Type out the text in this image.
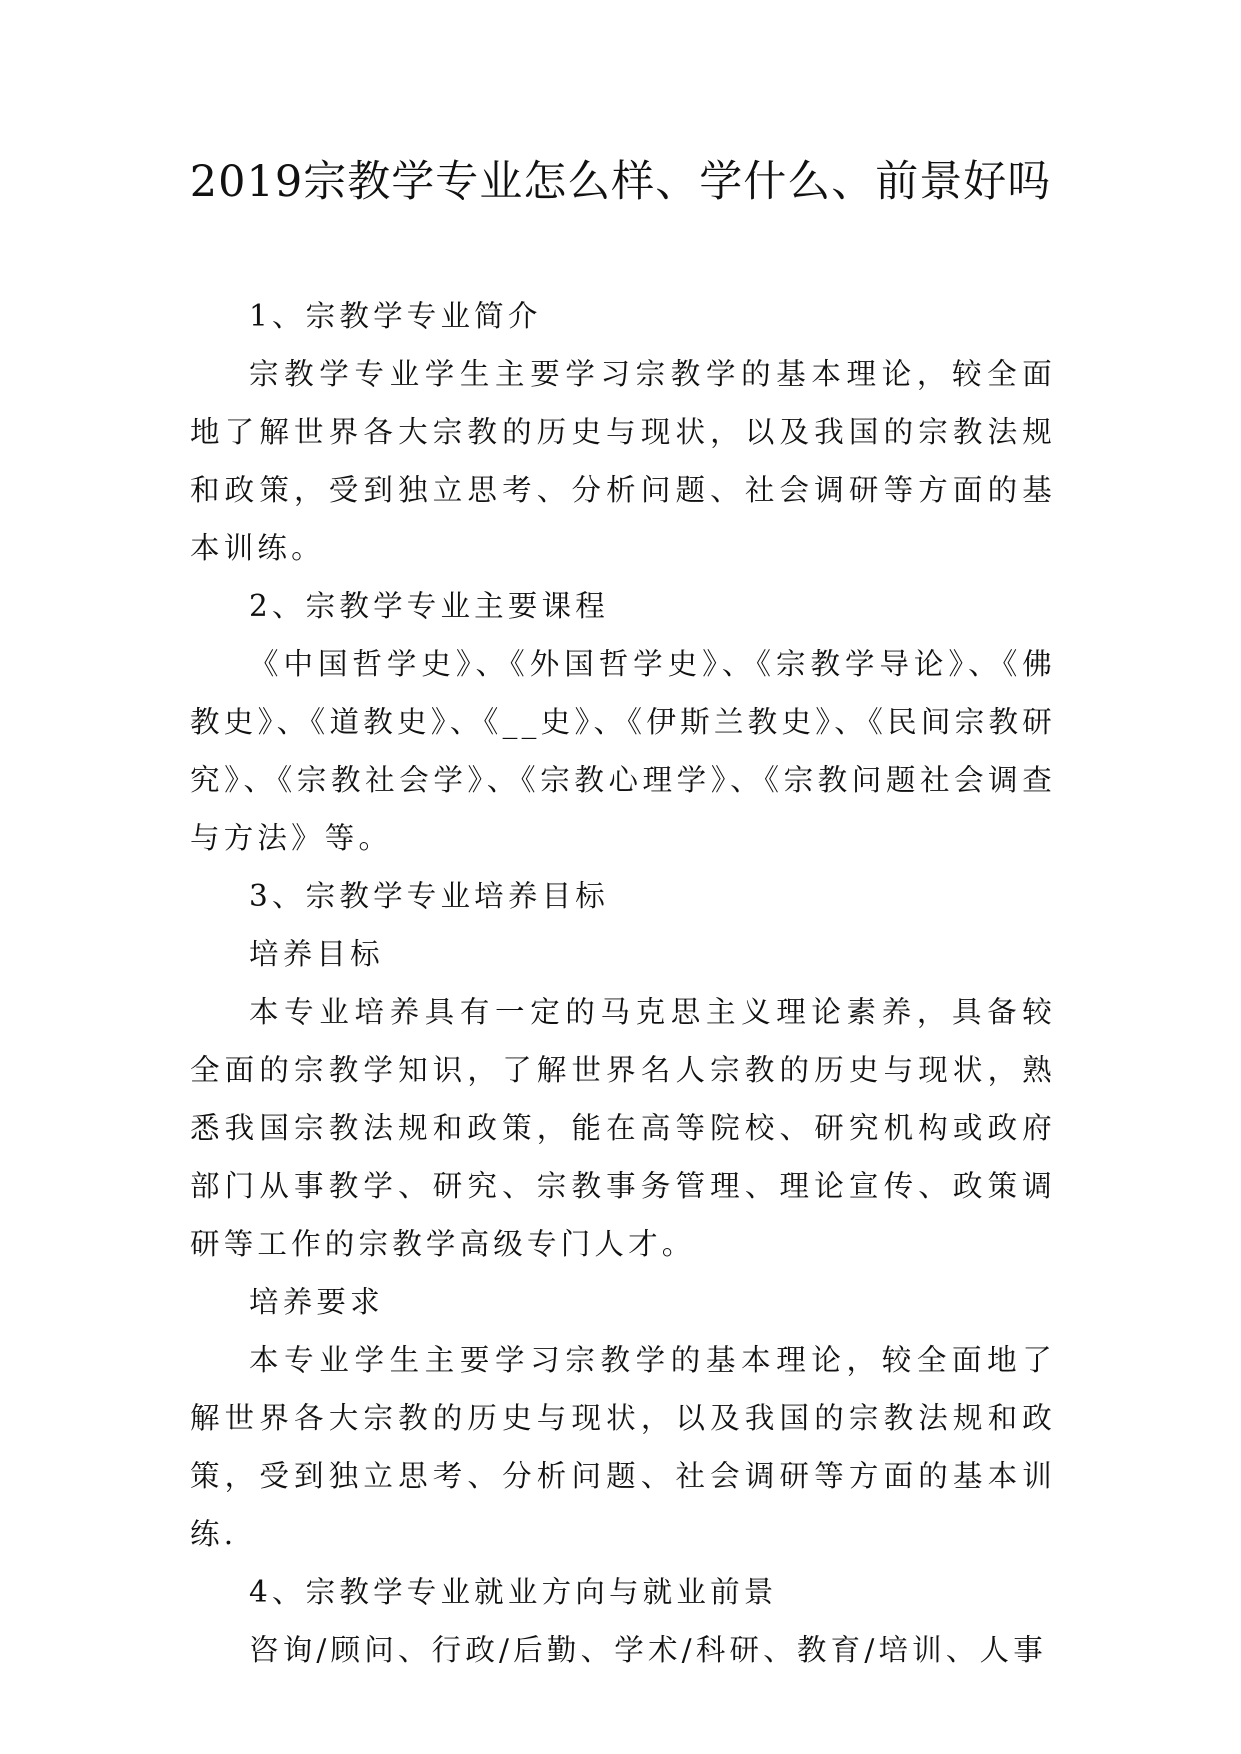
2019宗教学专业怎么样、学什么、前景好吗

1、宗教学专业简介

宗教学专业学生主要学习宗教学的基本理论，较全面地了解世界各大宗教的历史与现状，以及我国的宗教法规和政策，受到独立思考、分析问题、社会调研等方面的基本训练。

2、宗教学专业主要课程

《中国哲学史》、《外国哲学史》、《宗教学导论》、《佛教史》、《道教史》、《__史》、《伊斯兰教史》、《民间宗教研究》、《宗教社会学》、《宗教心理学》、《宗教问题社会调查与方法》等。

3、宗教学专业培养目标

培养目标

本专业培养具有一定的马克思主义理论素养，具备较全面的宗教学知识，了解世界名人宗教的历史与现状，熟悉我国宗教法规和政策，能在高等院校、研究机构或政府部门从事教学、研究、宗教事务管理、理论宣传、政策调研等工作的宗教学高级专门人才。

培养要求

本专业学生主要学习宗教学的基本理论，较全面地了解世界各大宗教的历史与现状，以及我国的宗教法规和政策，受到独立思考、分析问题、社会调研等方面的基本训练.

4、宗教学专业就业方向与就业前景

咨询/顾问、行政/后勤、学术/科研、教育/培训、人事
